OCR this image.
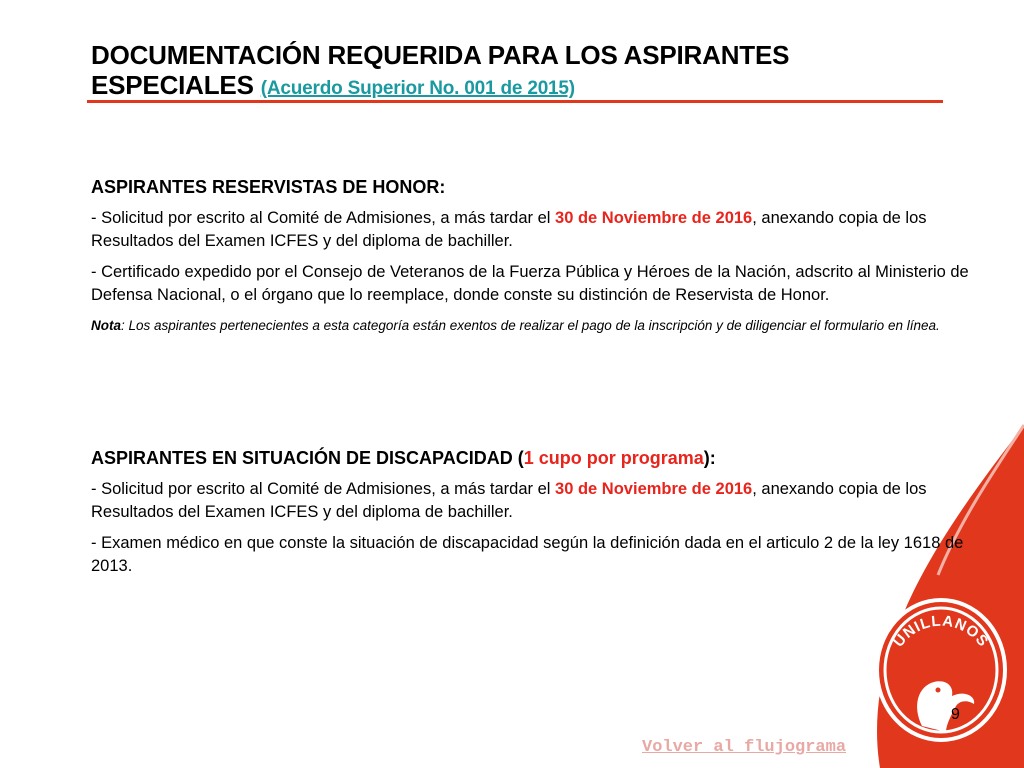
DOCUMENTACIÓN REQUERIDA PARA LOS ASPIRANTES ESPECIALES (Acuerdo Superior No. 001 de 2015)

ASPIRANTES RESERVISTAS DE HONOR:

- Solicitud por escrito al Comité de Admisiones, a más tardar el 30 de Noviembre de 2016, anexando copia de los Resultados del Examen ICFES y del diploma de bachiller.

- Certificado expedido por el Consejo de Veteranos de la Fuerza Pública y Héroes de la Nación, adscrito al Ministerio de Defensa Nacional, o el órgano que lo reemplace, donde conste su distinción de Reservista de Honor.

Nota: Los aspirantes pertenecientes a esta categoría están exentos de realizar el pago de la inscripción y de diligenciar el formulario en línea.

ASPIRANTES EN SITUACIÓN DE DISCAPACIDAD (1 cupo por programa):

- Solicitud por escrito al Comité de Admisiones, a más tardar el 30 de Noviembre de 2016, anexando copia de los Resultados del Examen ICFES y del diploma de bachiller.

- Examen médico en que conste la situación de discapacidad según la definición dada en el articulo 2 de la ley 1618 de 2013.

UNILLANOS
9
Volver al flujograma
